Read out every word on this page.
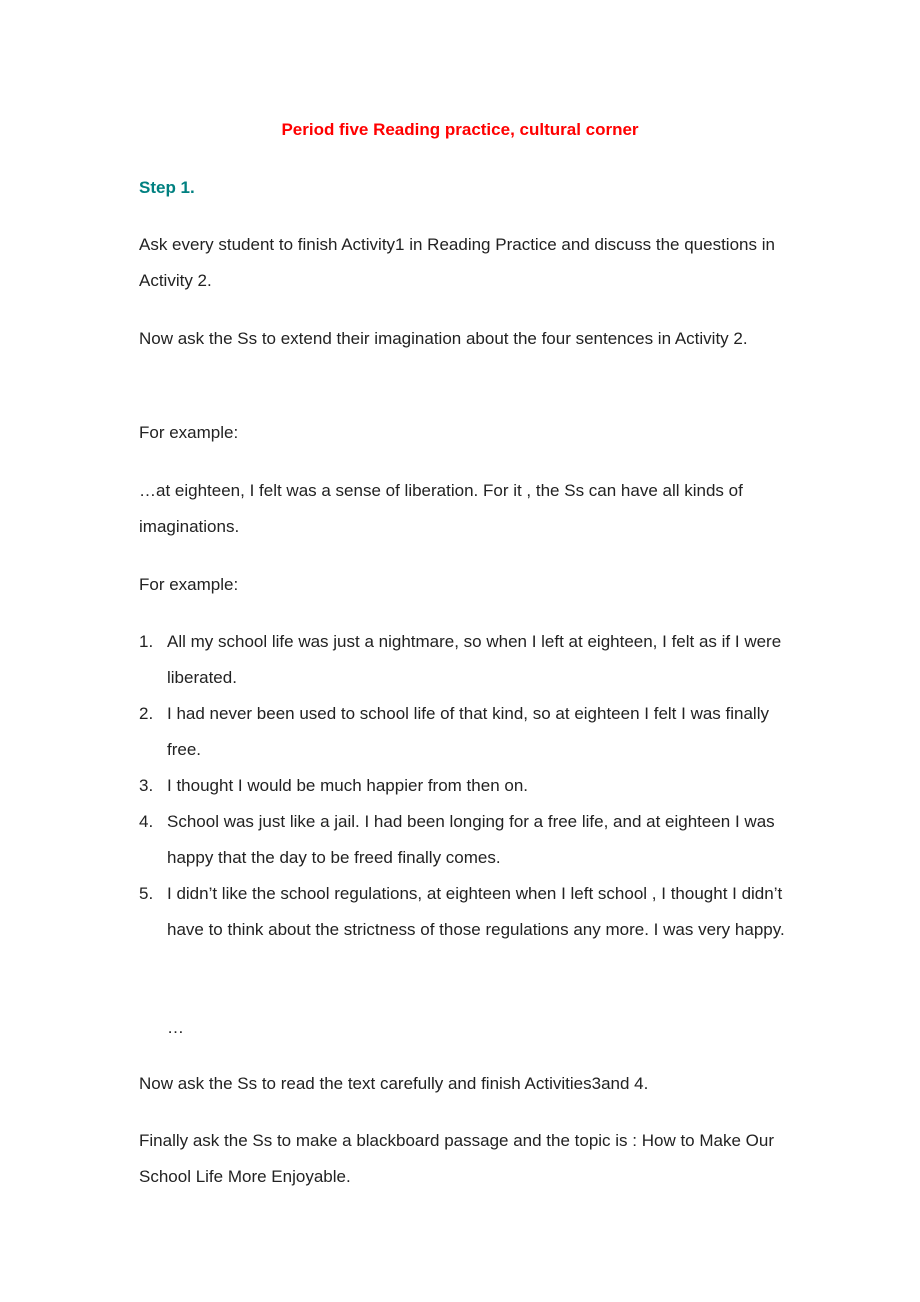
Period five Reading practice, cultural corner
Step 1.
Ask every student to finish Activity1 in Reading Practice and discuss the questions in Activity 2.
Now ask the Ss to extend their imagination about the four sentences in Activity 2.
For example:
…at eighteen, I felt was a sense of liberation. For it , the Ss can have all kinds of imaginations.
For example:
1. All my school life was just a nightmare, so when I left at eighteen, I felt as if I were liberated.
2. I had never been used to school life of that kind, so at eighteen I felt I was finally free.
3. I thought I would be much happier from then on.
4. School was just like a jail. I had been longing for a free life, and at eighteen I was happy that the day to be freed finally comes.
5. I didn’t like the school regulations, at eighteen when I left school , I thought I didn’t have to think about the strictness of those regulations any more. I was very happy.
…
Now ask the Ss to read the text carefully and finish Activities3and 4.
Finally ask the Ss to make a blackboard passage and the topic is : How to Make Our School Life More Enjoyable.
